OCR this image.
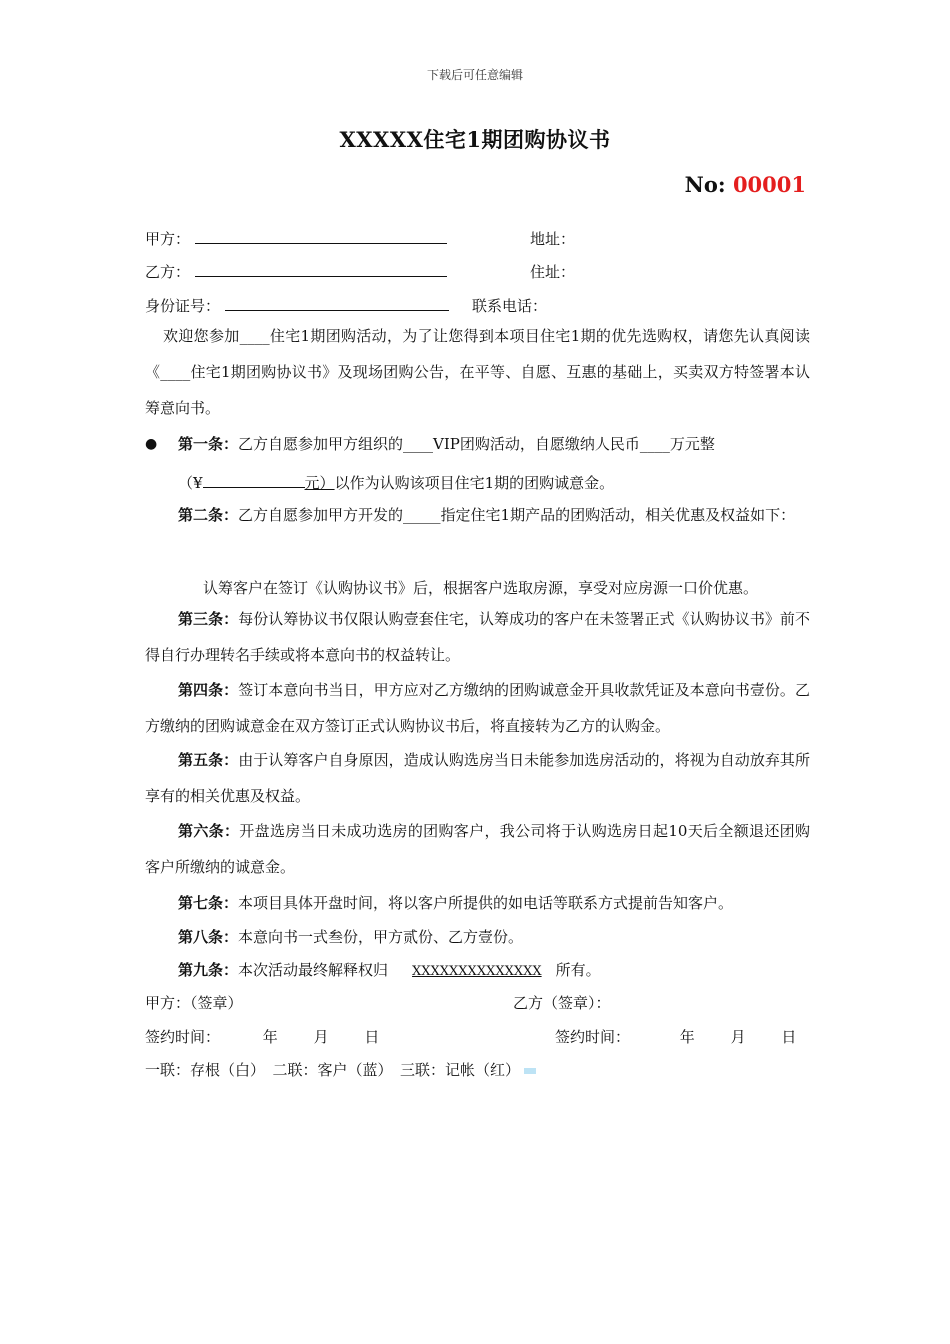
下载后可任意编辑
XXXXX住宅1期团购协议书
No: 00001
甲方：	地址：
乙方：	住址：
身份证号：	联系电话：
欢迎您参加____住宅1期团购活动，为了让您得到本项目住宅1期的优先选购权，请您先认真阅读《____住宅1期团购协议书》及现场团购公告，在平等、自愿、互惠的基础上，买卖双方特签署本认筹意向书。
● 第一条：乙方自愿参加甲方组织的____VIP团购活动，自愿缴纳人民币____万元整
（¥	元）以作为认购该项目住宅1期的团购诚意金。
第二条：乙方自愿参加甲方开发的_____指定住宅1期产品的团购活动，相关优惠及权益如下：
认筹客户在签订《认购协议书》后，根据客户选取房源，享受对应房源一口价优惠。
第三条：每份认筹协议书仅限认购壹套住宅，认筹成功的客户在未签署正式《认购协议书》前不得自行办理转名手续或将本意向书的权益转让。
第四条：签订本意向书当日，甲方应对乙方缴纳的团购诚意金开具收款凭证及本意向书壹份。乙方缴纳的团购诚意金在双方签订正式认购协议书后，将直接转为乙方的认购金。
第五条：由于认筹客户自身原因，造成认购选房当日未能参加选房活动的，将视为自动放弃其所享有的相关优惠及权益。
第六条：开盘选房当日未成功选房的团购客户，我公司将于认购选房日起10天后全额退还团购客户所缴纳的诚意金。
第七条：本项目具体开盘时间，将以客户所提供的如电话等联系方式提前告知客户。
第八条：本意向书一式叁份，甲方贰份、乙方壹份。
第九条：本次活动最终解释权归 XXXXXXXXXXXXXX 所有。
甲方：（签章）	乙方（签章）：
签约时间：	年 月 日	签约时间：	年 月 日
一联：存根（白）　二联：客户（蓝）　三联：记帐（红）
